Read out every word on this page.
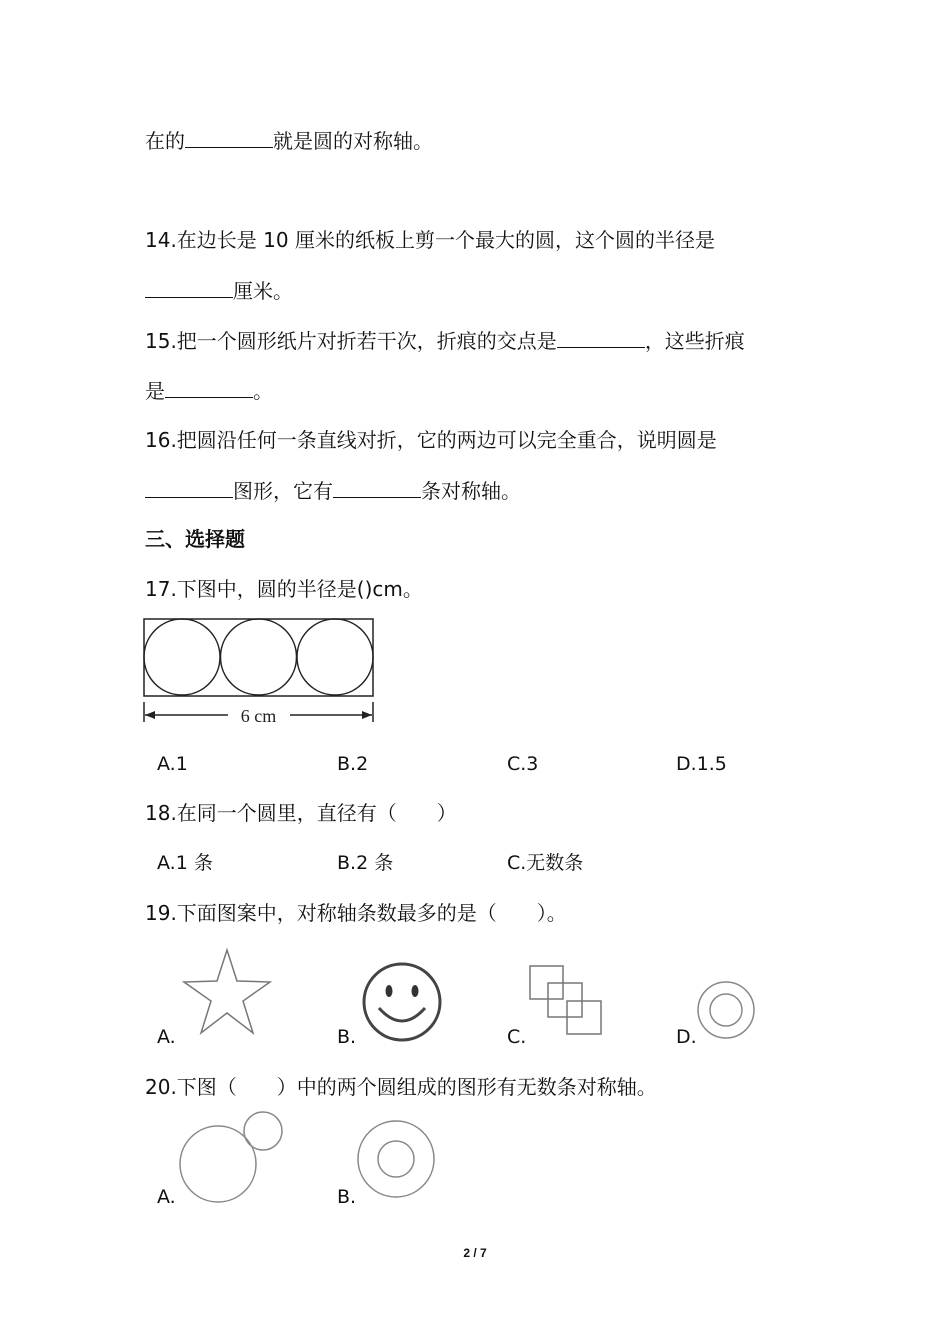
在的	就是圆的对称轴。
14.在边长是 10 厘米的纸板上剪一个最大的圆，这个圆的半径是
厘米。
15.把一个圆形纸片对折若干次，折痕的交点是	，这些折痕
是	。
16.把圆沿任何一条直线对折，它的两边可以完全重合，说明圆是
图形，它有	条对称轴。
三、选择题
17.下图中，圆的半径是()cm。
6 cm
A.1	B.2	C.3	D.1.5
18.在同一个圆里，直径有（　　）
A.1 条	B.2 条	C.无数条
19.下面图案中，对称轴条数最多的是（　　）。
A.	B.	C.	D.
20.下图（　　）中的两个圆组成的图形有无数条对称轴。
A.	B.
2 / 7
